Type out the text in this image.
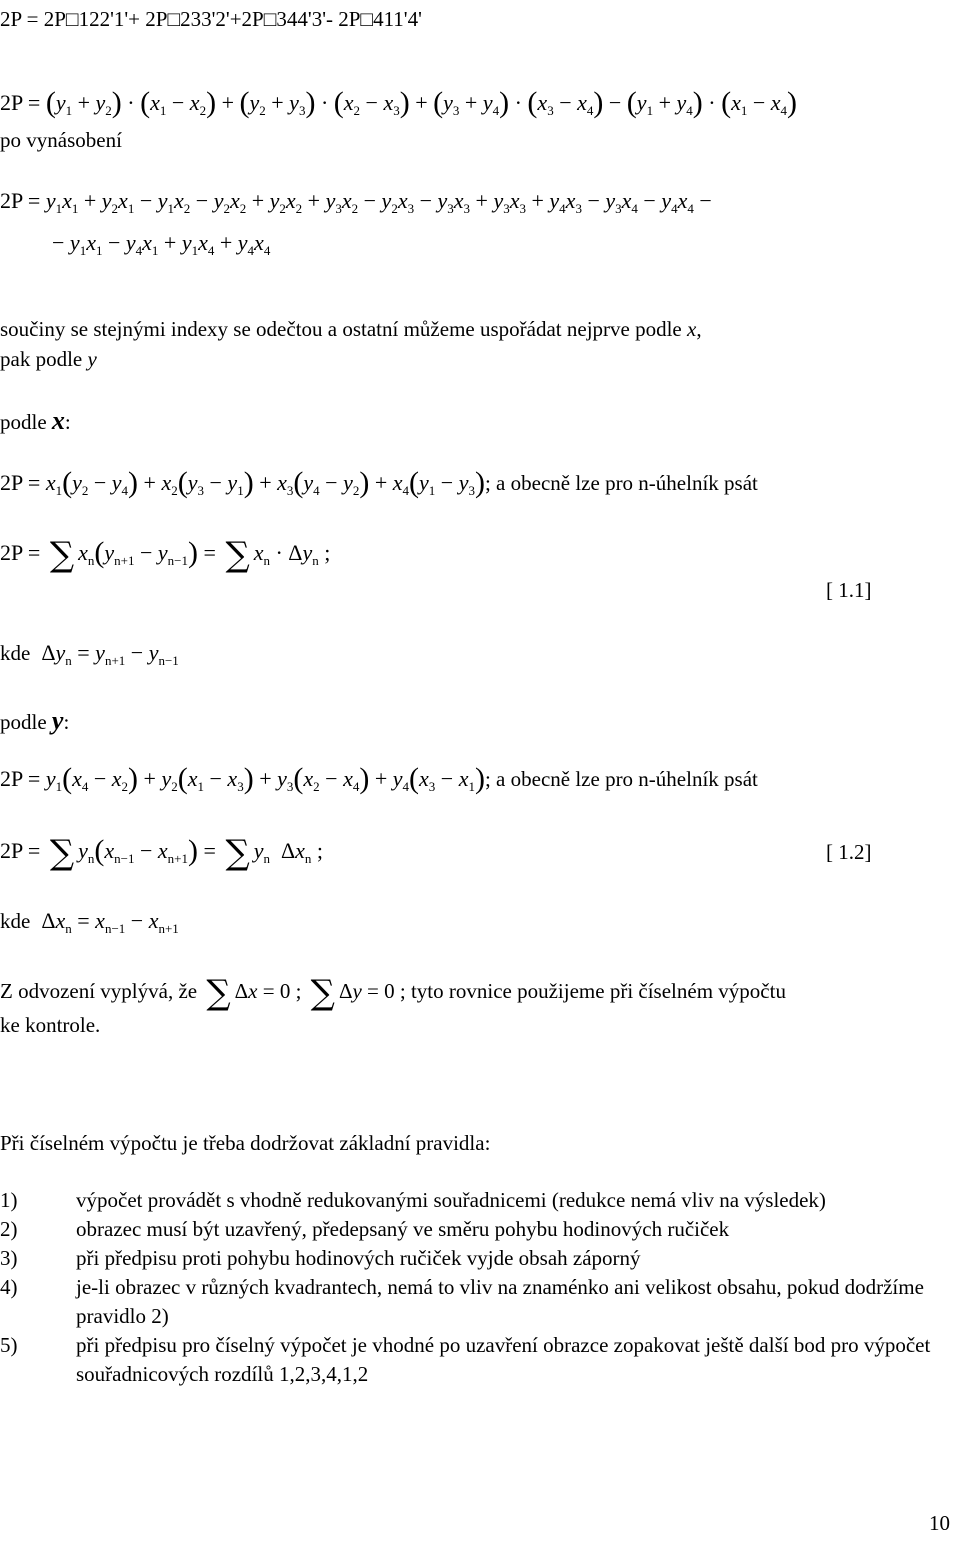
2P = 2P□122'1'+ 2P□233'2'+2P□344'3'- 2P□411'4'
$2P = (y_1 + y_2) \cdot (x_1 - x_2) + (y_2 + y_3) \cdot (x_2 - x_3) + (y_3 + y_4) \cdot (x_3 - x_4) - (y_1 + y_4) \cdot (x_1 - x_4)$
po vynásobení
$2P = y_1x_1 + y_2x_1 - y_1x_2 - y_2x_2 + y_2x_2 + y_3x_2 - y_2x_3 - y_3x_3 + y_3x_3 + y_4x_3 - y_3x_4 - y_4x_4$ −
− $y_1x_1 - y_4x_1 + y_1x_4 + y_4x_4$
součiny se stejnými indexy se odečtou a ostatní můžeme uspořádat nejprve podle x,
pak podle y
podle x:
$2P = x_1(y_2 - y_4) + x_2(y_3 - y_1) + x_3(y_4 - y_2) + x_4(y_1 - y_3)$; a obecně lze pro n-úhelník psát
2P = ∑ $x_n(y_{n+1} - y_{n-1})$ = ∑ $x_n \cdot \Delta y_n$ ;
[ 1.1]
kde  $\Delta y_n = y_{n+1} - y_{n-1}$
podle y:
$2P = y_1(x_4 - x_2) + y_2(x_1 - x_3) + y_3(x_2 - x_4) + y_4(x_3 - x_1)$; a obecně lze pro n-úhelník psát
2P = ∑ $y_n(x_{n-1} - x_{n+1})$ = ∑ $y_n$  $\Delta x_n$ ;	[ 1.2]
kde  $\Delta x_n = x_{n-1} - x_{n+1}$
Z odvození vyplývá, že ∑ Δx = 0 ; ∑ Δy = 0 ; tyto rovnice použijeme při číselném výpočtu
ke kontrole.
Při číselném výpočtu je třeba dodržovat základní pravidla:
1)	výpočet provádět s vhodně redukovanými souřadnicemi (redukce nemá vliv na výsledek)
2)	obrazec musí být uzavřený, předepsaný ve směru pohybu hodinových ručiček
3)	při předpisu proti pohybu hodinových ručiček vyjde obsah záporný
4)	je-li obrazec v různých kvadrantech, nemá to vliv na znaménko ani velikost obsahu, pokud dodržíme pravidlo 2)
5)	při předpisu pro číselný výpočet je vhodné po uzavření obrazce zopakovat ještě další bod pro výpočet souřadnicových rozdílů 1,2,3,4,1,2
10
